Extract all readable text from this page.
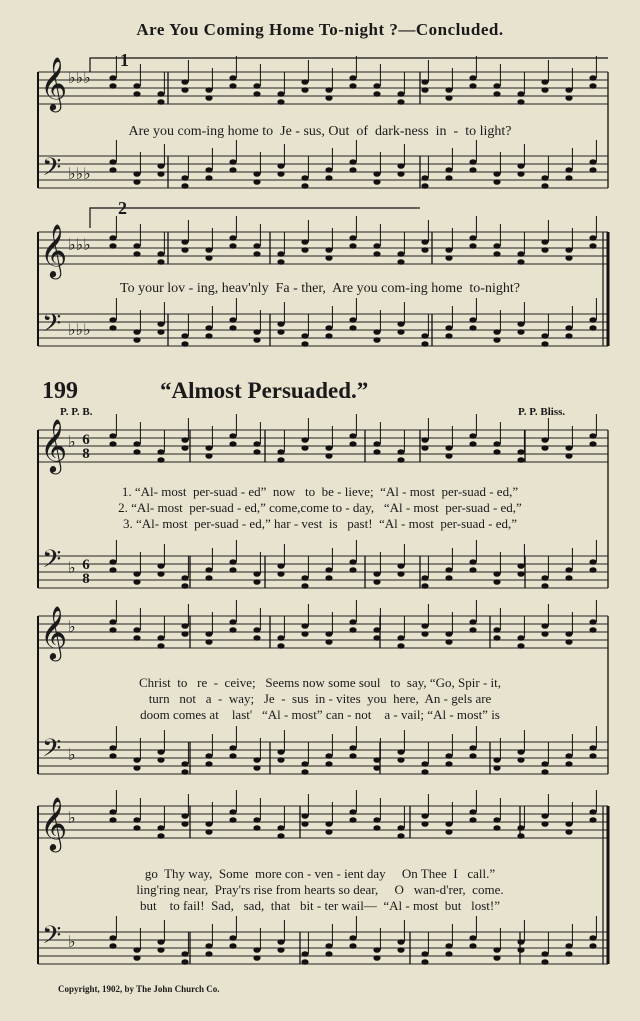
Are You Coming Home To-night ?—Concluded.
1
2
𝄞 ♭♭♭
𝄢 ♭♭♭
𝄞 ♭♭♭
𝄢 ♭♭♭
Are you com-ing home to  Je - sus, Out  of  dark-ness  in  -  to light?
To your lov - ing, heav'nly  Fa - ther,  Are you com-ing home  to-night?
199	“Almost Persuaded.”
P. P. B.	P. P. Bliss.
𝄞 ♭ 6
8
𝄢 ♭ 6
8
1. “Al- most  per-suad - ed”  now   to  be - lieve;  “Al - most  per-suad - ed,”
2. “Al- most  per-suad - ed,” come,come to - day,   “Al - most  per-suad - ed,”
3. “Al- most  per-suad - ed,” har - vest  is   past!  “Al - most  per-suad - ed,”
𝄞 ♭
𝄢 ♭
Christ  to   re  -  ceive;   Seems now some soul   to  say, “Go, Spir - it,
turn   not   a  -  way;   Je  -  sus  in - vites  you  here,  An - gels are
doom comes at    last'   “Al - most” can - not    a - vail; “Al - most” is
𝄞 ♭
𝄢 ♭
go  Thy way,  Some  more con - ven - ient day     On Thee  I   call.”
ling'ring near,  Pray'rs rise from hearts so dear,     O   wan-d'rer,  come.
but    to fail!  Sad,   sad,  that   bit - ter wail—  “Al - most  but   lost!”
Copyright, 1902, by The John Church Co.
